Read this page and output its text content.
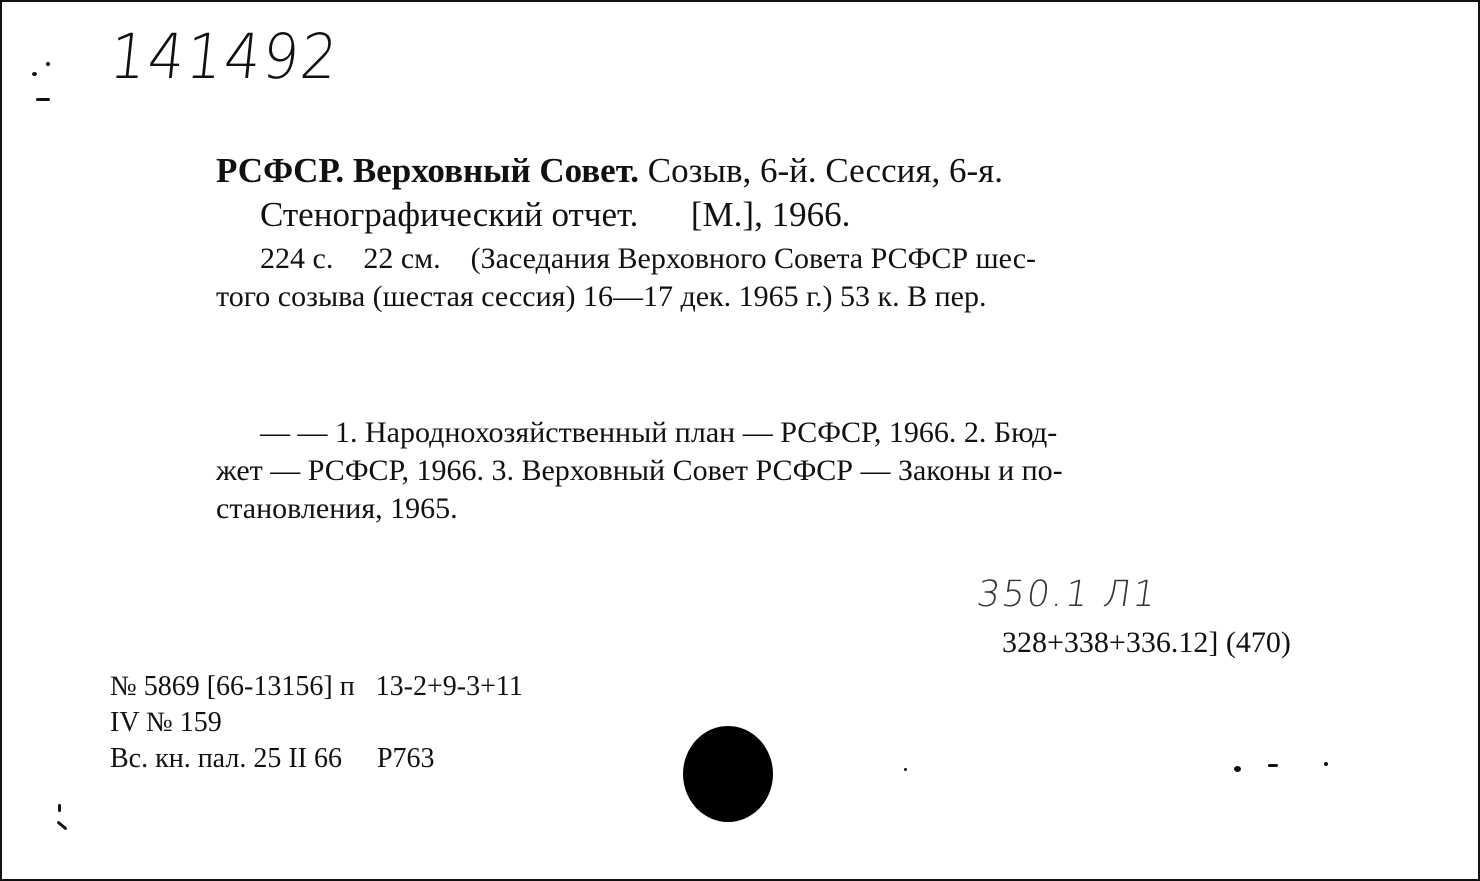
141492
РСФСР. Верховный Совет. Созыв, 6-й. Сессия, 6-я.
Стенографический отчет.      [М.], 1966.
224 с.    22 см.    (Заседания Верховного Совета РСФСР шес-
того созыва (шестая сессия) 16—17 дек. 1965 г.) 53 к. В пер.
— — 1. Народнохозяйственный план — РСФСР, 1966. 2. Бюд-
жет — РСФСР, 1966. 3. Верховный Совет РСФСР — Законы и по-
становления, 1965.
350.1 Л1
328+338+336.12] (470)
№ 5869 [66-13156] п   13-2+9-3+11
IV № 159
Вс. кн. пал. 25 II 66     Р763
